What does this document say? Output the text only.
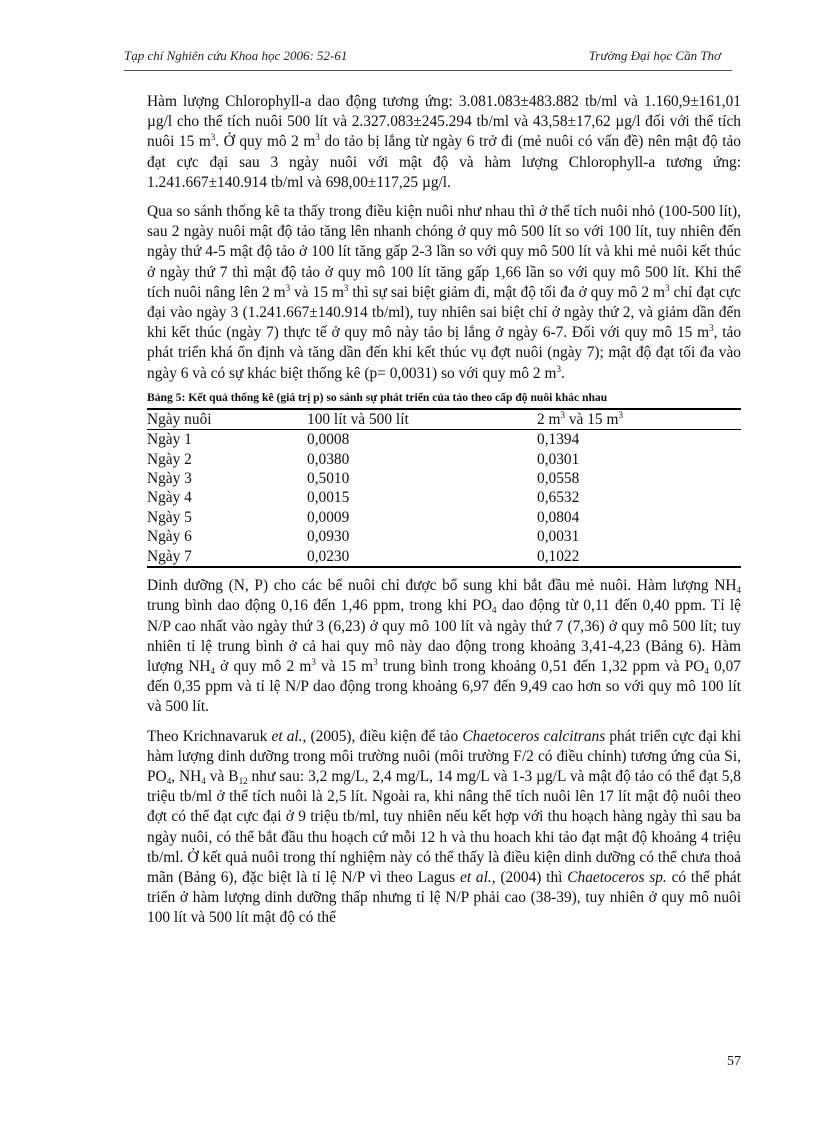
Tạp chí Nghiên cứu Khoa học 2006: 52-61	Trường Đại học Cần Thơ

Hàm lượng Chlorophyll-a dao động tương ứng: 3.081.083±483.882 tb/ml và 1.160,9±161,01 µg/l cho thể tích nuôi 500 lít và 2.327.083±245.294 tb/ml và 43,58±17,62 µg/l đối với thể tích nuôi 15 $m^3$. Ở quy mô 2 $m^3$ do tảo bị lắng từ ngày 6 trở đi (mẻ nuôi có vấn đề) nên mật độ tảo đạt cực đại sau 3 ngày nuôi với mật độ và hàm lượng Chlorophyll-a tương ứng: 1.241.667±140.914 tb/ml và 698,00±117,25 µg/l.

Qua so sánh thống kê ta thấy trong điều kiện nuôi như nhau thì ở thể tích nuôi nhỏ (100-500 lít), sau 2 ngày nuôi mật độ tảo tăng lên nhanh chóng ở quy mô 500 lít so với 100 lít, tuy nhiên đến ngày thứ 4-5 mật độ tảo ở 100 lít tăng gấp 2-3 lần so với quy mô 500 lít và khi mẻ nuôi kết thúc ở ngày thứ 7 thì mật độ tảo ở quy mô 100 lít tăng gấp 1,66 lần so với quy mô 500 lít. Khi thể tích nuôi nâng lên 2 $m^3$ và 15 $m^3$ thì sự sai biệt giảm đi, mật độ tối đa ở quy mô 2 $m^3$ chỉ đạt cực đại vào ngày 3 (1.241.667±140.914 tb/ml), tuy nhiên sai biệt chỉ ở ngày thứ 2, và giảm dần đến khi kết thúc (ngày 7) thực tế ở quy mô này tảo bị lắng ở ngày 6-7. Đối với quy mô 15 $m^3$, tảo phát triển khá ổn định và tăng dần đến khi kết thúc vụ đợt nuôi (ngày 7); mật độ đạt tối đa vào ngày 6 và có sự khác biệt thống kê (p= 0,0031) so với quy mô 2 $m^3$.

Bảng 5: Kết quả thống kê (giá trị p) so sánh sự phát triển của tảo theo cấp độ nuôi khác nhau
Ngày nuôi	100 lít và 500 lít	2 $m^3$ và 15 $m^3$
Ngày 1	0,0008	0,1394
Ngày 2	0,0380	0,0301
Ngày 3	0,5010	0,0558
Ngày 4	0,0015	0,6532
Ngày 5	0,0009	0,0804
Ngày 6	0,0930	0,0031
Ngày 7	0,0230	0,1022

Dinh dưỡng (N, P) cho các bể nuôi chỉ được bổ sung khi bắt đầu mẻ nuôi. Hàm lượng $NH_4$ trung bình dao động 0,16 đến 1,46 ppm, trong khi $PO_4$ dao động từ 0,11 đến 0,40 ppm. Tỉ lệ N/P cao nhất vào ngày thứ 3 (6,23) ở quy mô 100 lít và ngày thứ 7 (7,36) ở quy mô 500 lít; tuy nhiên tỉ lệ trung bình ở cả hai quy mô này dao động trong khoảng 3,41-4,23 (Bảng 6). Hàm lượng $NH_4$ ở quy mô 2 $m^3$ và 15 $m^3$ trung bình trong khoảng 0,51 đến 1,32 ppm và $PO_4$ 0,07 đến 0,35 ppm và tỉ lệ N/P dao động trong khoảng 6,97 đến 9,49 cao hơn so với quy mô 100 lít và 500 lít.

Theo Krichnavaruk et al., (2005), điều kiện để tảo Chaetoceros calcitrans phát triển cực đại khi hàm lượng dinh dưỡng trong môi trường nuôi (môi trường F/2 có điều chỉnh) tương ứng của Si, $PO_4$, $NH_4$ và $B_{12}$ như sau: 3,2 mg/L, 2,4 mg/L, 14 mg/L và 1-3 µg/L và mật độ tảo có thể đạt 5,8 triệu tb/ml ở thể tích nuôi là 2,5 lít. Ngoài ra, khi nâng thể tích nuôi lên 17 lít mật độ nuôi theo đợt có thể đạt cực đại ở 9 triệu tb/ml, tuy nhiên nếu kết hợp với thu hoạch hàng ngày thì sau ba ngày nuôi, có thể bắt đầu thu hoạch cứ mỗi 12 h và thu hoach khi tảo đạt mật độ khoảng 4 triệu tb/ml. Ở kết quả nuôi trong thí nghiệm này có thể thấy là điều kiện dinh dưỡng có thể chưa thoả mãn (Bảng 6), đặc biệt là tỉ lệ N/P vì theo Lagus et al., (2004) thì Chaetoceros sp. có thể phát triển ở hàm lượng dinh dưỡng thấp nhưng tỉ lệ N/P phải cao (38-39), tuy nhiên ở quy mô nuôi 100 lít và 500 lít mật độ có thể

57
